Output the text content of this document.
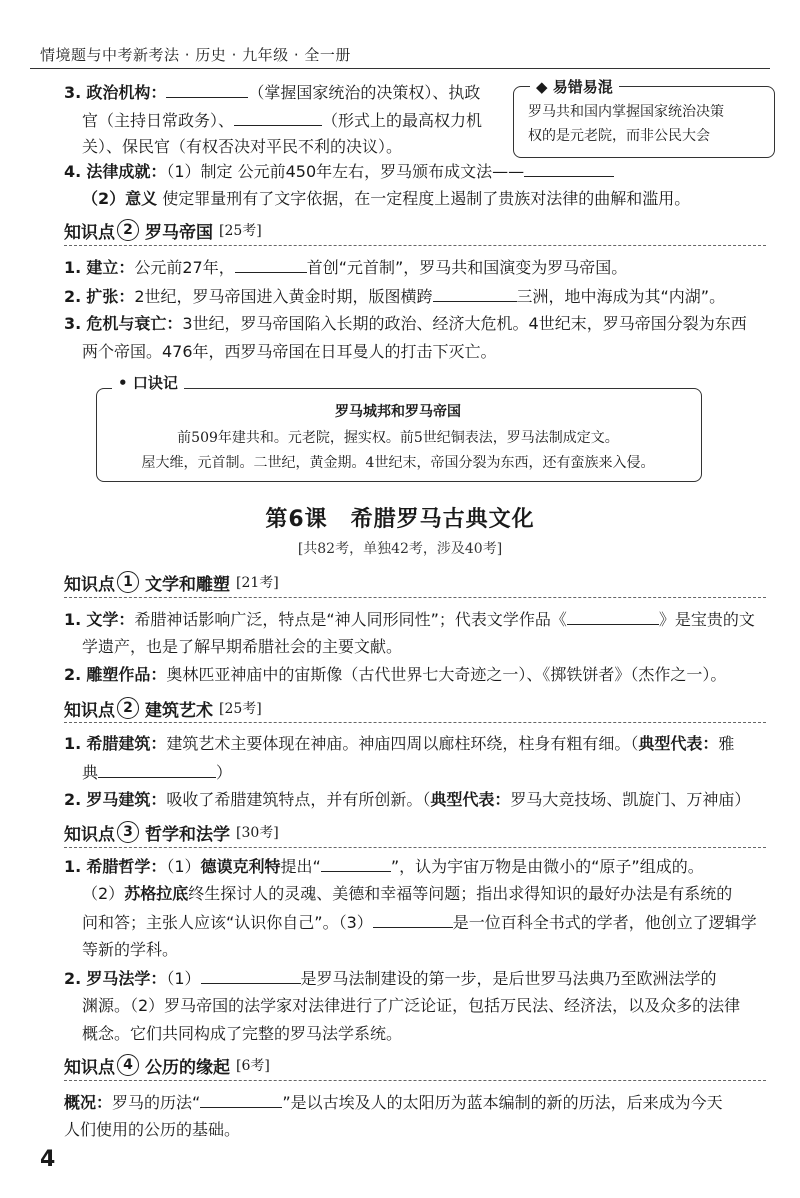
情境题与中考新考法 · 历史 · 九年级 · 全一册
3. 政治机构：	（掌握国家统治的决策权）、执政
官（主持日常政务）、	（形式上的最高权力机
关）、保民官（有权否决对平民不利的决议）。
◆ 易错易混
罗马共和国内掌握国家统治决策
权的是元老院，而非公民大会
4. 法律成就：（1）制定 公元前450年左右，罗马颁布成文法——
（2）意义 使定罪量刑有了文字依据，在一定程度上遏制了贵族对法律的曲解和滥用。
知识点 2 罗马帝国 [25考]
1. 建立：公元前27年，	首创“元首制”，罗马共和国演变为罗马帝国。
2. 扩张：2世纪，罗马帝国进入黄金时期，版图横跨	三洲，地中海成为其“内湖”。
3. 危机与衰亡：3世纪，罗马帝国陷入长期的政治、经济大危机。4世纪末，罗马帝国分裂为东西
两个帝国。476年，西罗马帝国在日耳曼人的打击下灭亡。
• 口诀记
罗马城邦和罗马帝国
前509年建共和。元老院，握实权。前5世纪铜表法，罗马法制成定文。
屋大维，元首制。二世纪，黄金期。4世纪末，帝国分裂为东西，还有蛮族来入侵。
第6课　希腊罗马古典文化
[共82考，单独42考，涉及40考]
知识点 1 文学和雕塑 [21考]
1. 文学：希腊神话影响广泛，特点是“神人同形同性”；代表文学作品《	》是宝贵的文
学遗产，也是了解早期希腊社会的主要文献。
2. 雕塑作品：奥林匹亚神庙中的宙斯像（古代世界七大奇迹之一）、《掷铁饼者》（杰作之一）。
知识点 2 建筑艺术 [25考]
1. 希腊建筑：建筑艺术主要体现在神庙。神庙四周以廊柱环绕，柱身有粗有细。（典型代表：雅
典	）
2. 罗马建筑：吸收了希腊建筑特点，并有所创新。（典型代表：罗马大竞技场、凯旋门、万神庙）
知识点 3 哲学和法学 [30考]
1. 希腊哲学：（1）德谟克利特提出“	”，认为宇宙万物是由微小的“原子”组成的。
（2）苏格拉底终生探讨人的灵魂、美德和幸福等问题；指出求得知识的最好办法是有系统的
问和答；主张人应该“认识你自己”。（3）	是一位百科全书式的学者，他创立了逻辑学
等新的学科。
2. 罗马法学：（1）	是罗马法制建设的第一步，是后世罗马法典乃至欧洲法学的
渊源。（2）罗马帝国的法学家对法律进行了广泛论证，包括万民法、经济法，以及众多的法律
概念。它们共同构成了完整的罗马法学系统。
知识点 4 公历的缘起 [6考]
概况：罗马的历法“	”是以古埃及人的太阳历为蓝本编制的新的历法，后来成为今天
人们使用的公历的基础。
4
